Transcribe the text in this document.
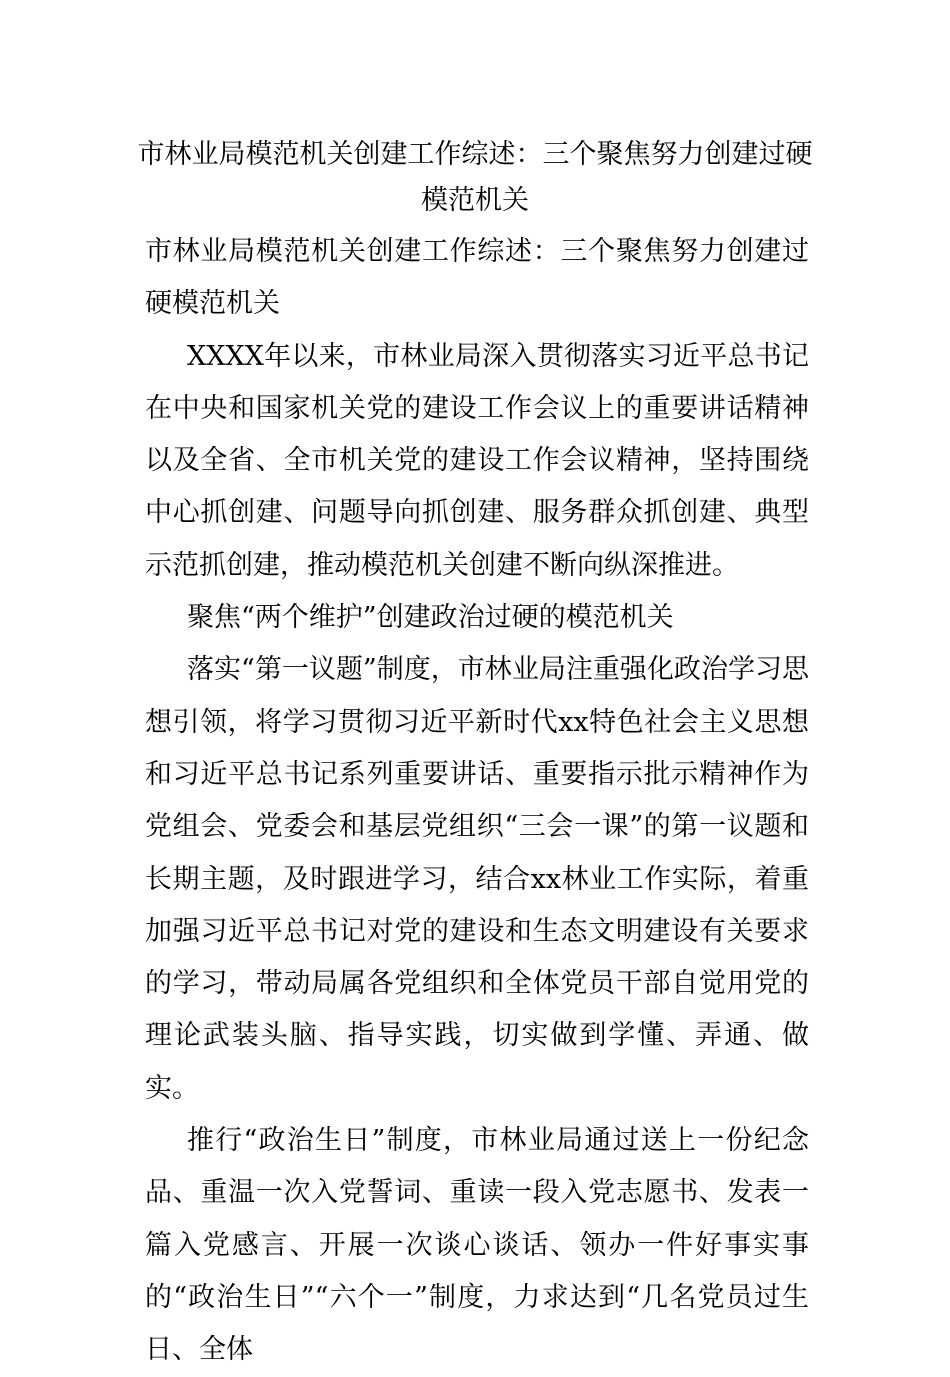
市林业局模范机关创建工作综述：三个聚焦努力创建过硬
模范机关

市林业局模范机关创建工作综述：三个聚焦努力创建过硬模范机关

XXXX年以来，市林业局深入贯彻落实习近平总书记在中央和国家机关党的建设工作会议上的重要讲话精神以及全省、全市机关党的建设工作会议精神，坚持围绕中心抓创建、问题导向抓创建、服务群众抓创建、典型示范抓创建，推动模范机关创建不断向纵深推进。

聚焦“两个维护”创建政治过硬的模范机关

落实“第一议题”制度，市林业局注重强化政治学习思想引领，将学习贯彻习近平新时代xx特色社会主义思想和习近平总书记系列重要讲话、重要指示批示精神作为党组会、党委会和基层党组织“三会一课”的第一议题和长期主题，及时跟进学习，结合xx林业工作实际，着重加强习近平总书记对党的建设和生态文明建设有关要求的学习，带动局属各党组织和全体党员干部自觉用党的理论武装头脑、指导实践，切实做到学懂、弄通、做实。

推行“政治生日”制度，市林业局通过送上一份纪念品、重温一次入党誓词、重读一段入党志愿书、发表一篇入党感言、开展一次谈心谈话、领办一件好事实事的“政治生日”“六个一”制度，力求达到“几名党员过生日、全体
